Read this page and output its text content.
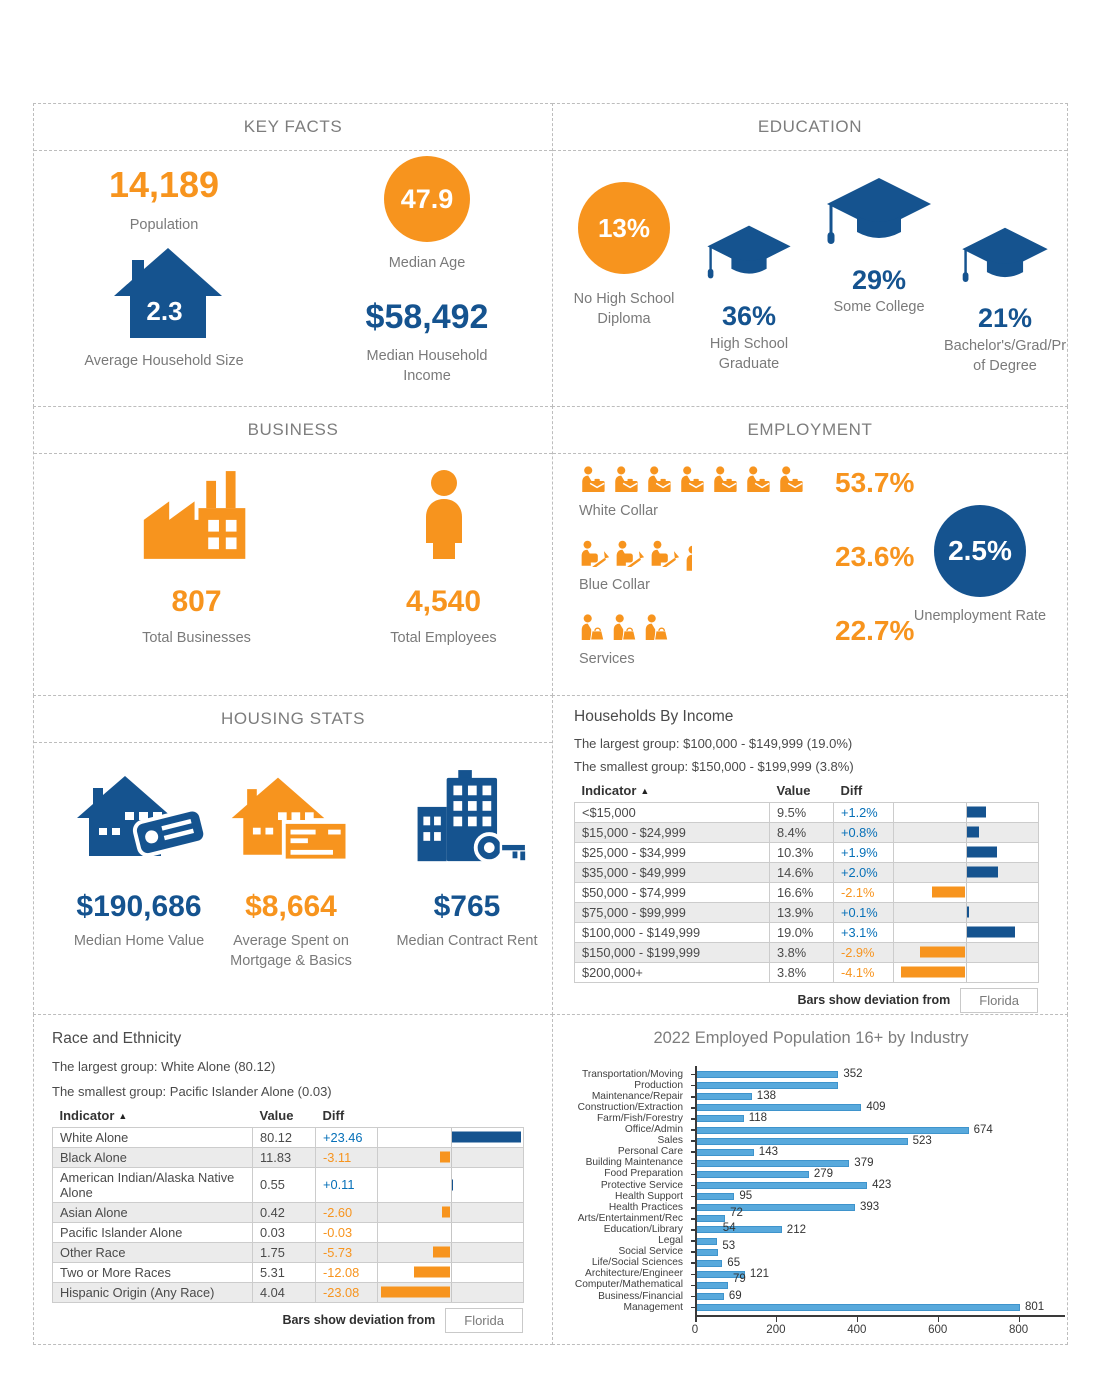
KEY FACTS
14,189
Population
2.3
Average Household Size
47.9
Median Age
$58,492
Median Household Income
EDUCATION
13%
No High School Diploma	36%
High School Graduate
29%
Some College 21%
Bachelor's/Grad/Pr of Degree
BUSINESS
807
Total Businesses
4,540
Total Employees
EMPLOYMENT
White Collar
53.7%
Blue Collar
23.6%
Services
22.7%
2.5%
Unemployment Rate
HOUSING STATS
$190,686
Median Home Value
$8,664
Average Spent on Mortgage & Basics
$765
Median Contract Rent
Households By Income
The largest group: $100,000 - $149,999 (19.0%)
The smallest group: $150,000 - $199,999 (3.8%)
Indicator ▲	Value	Diff	
<$15,000	9.5%	+1.2%	

$15,000 - $24,999	8.4%	+0.8%	

$25,000 - $34,999	10.3%	+1.9%	

$35,000 - $49,999	14.6%	+2.0%	

$50,000 - $74,999	16.6%	-2.1%	

$75,000 - $99,999	13.9%	+0.1%	

$100,000 - $149,999	19.0%	+3.1%	

$150,000 - $199,999	3.8%	-2.9%	

$200,000+	3.8%	-4.1%	
Bars show deviation from	Florida
Race and Ethnicity
The largest group: White Alone (80.12)
The smallest group: Pacific Islander Alone (0.03)
Indicator ▲	Value	Diff	
White Alone	80.12	+23.46	

Black Alone	11.83	-3.11	

American Indian/Alaska Native Alone	0.55	+0.11	

Asian Alone	0.42	-2.60	

Pacific Islander Alone	0.03	-0.03	
Other Race	1.75	-5.73	

Two or More Races	5.31	-12.08	

Hispanic Origin (Any Race)	4.04	-23.08	
Bars show deviation from	Florida
2022 Employed Population 16+ by Industry
Transportation/Moving	352
Production
Maintenance/Repair	138
Construction/Extraction	409
Farm/Fish/Forestry	118
Office/Admin	674
Sales	523
Personal Care	143
Building Maintenance	379
Food Preparation	279
Protective Service	423
Health Support	95
Health Practices	393
Arts/Entertainment/Rec	72
Education/Library	212
Legal	53
Social Service
54
Life/Social Sciences	65
Architecture/Engineer	121
Computer/Mathematical	79
Business/Financial	69
Management	801
0	200	400	600	800
